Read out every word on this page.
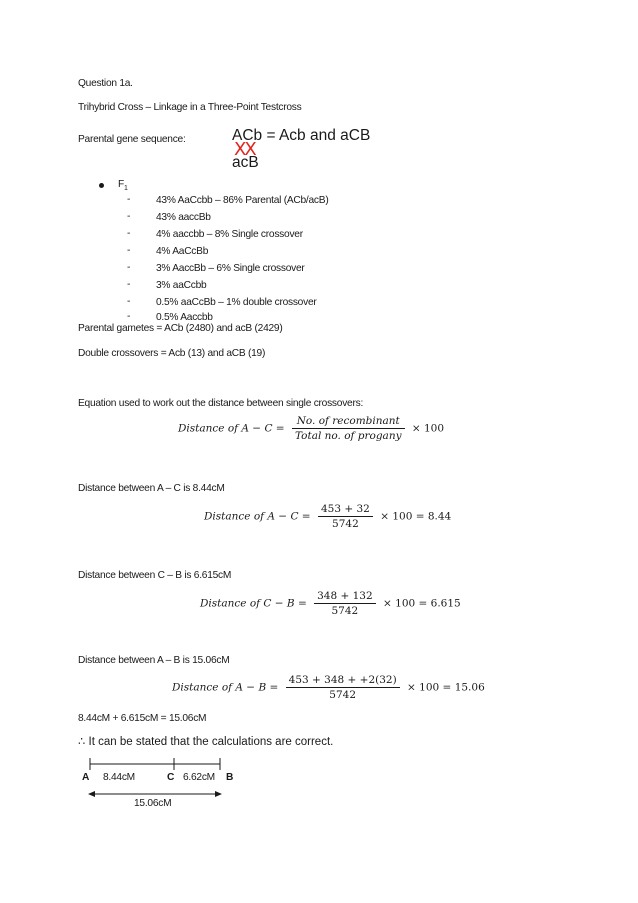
Question 1a.
Trihybrid Cross – Linkage in a Three-Point Testcross
Parental gene sequence:	ACb = Acb and aCB
XX
acB
$F_1$
-	43% AaCcbb – 86% Parental (ACb/acB)
-	43% aaccBb
-	4% aaccbb – 8% Single crossover
-	4% AaCcBb
-	3% AaccBb – 6% Single crossover
-	3% aaCcbb
-	0.5% aaCcBb – 1% double crossover
-	0.5% Aaccbb
Parental gametes = ACb (2480) and acB (2429)
Double crossovers = Acb (13) and aCB (19)
Equation used to work out the distance between single crossovers:
Distance of $A - C = \frac{\text{No. of recombinant}}{\text{Total no. of progany}} \times 100$
Distance between A – C is 8.44cM
Distance of $A - C = \frac{453 + 32}{5742} \times 100 = 8.44$
Distance between C – B is 6.615cM
Distance of $C - B = \frac{348 + 132}{5742} \times 100 = 6.615$
Distance between A – B is 15.06cM
Distance of $A - B = \frac{453 + 348 + +2(32)}{5742} \times 100 = 15.06$
8.44cM + 6.615cM = 15.06cM
∴ It can be stated that the calculations are correct.
A 8.44cM	C 6.62cM B
15.06cM
